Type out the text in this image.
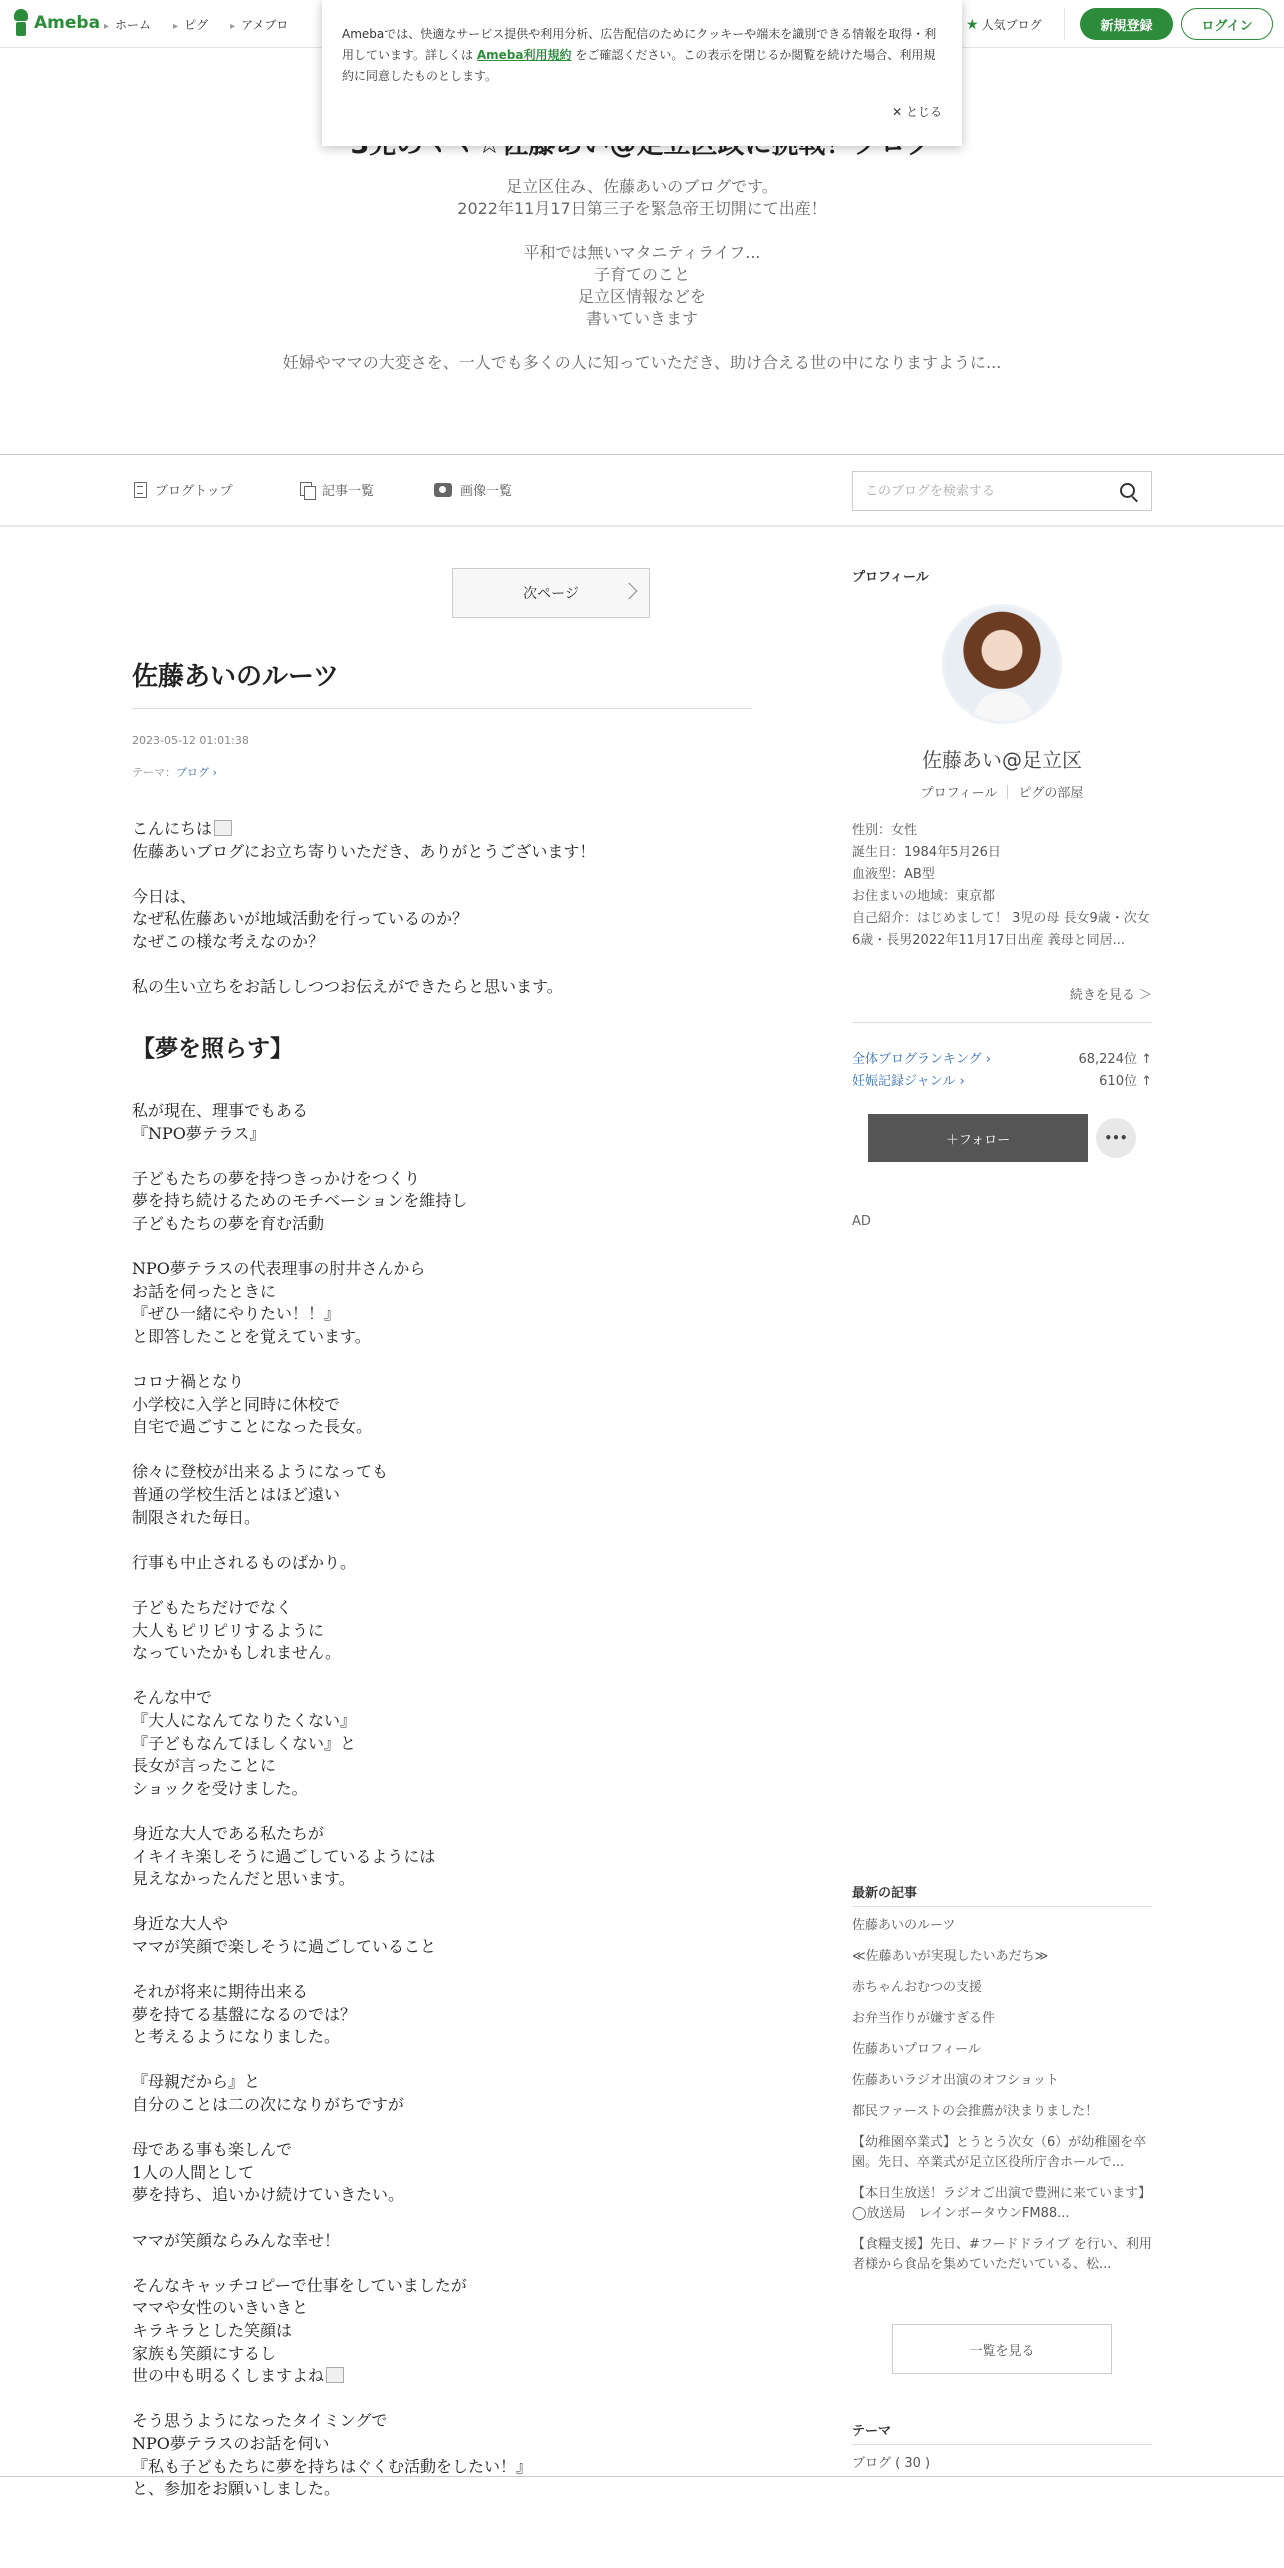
Ameba	▸ ホーム	▸ ピグ	▸ アメブロ	★ 人気ブログ	新規登録	ログイン
Amebaでは、快適なサービス提供や利用分析、広告配信のためにクッキーや端末を識別できる情報を取得・利用しています。詳しくは Ameba利用規約 をご確認ください。この表示を閉じるか閲覧を続けた場合、利用規約に同意したものとします。
✕ とじる

足立区住み、佐藤あいのブログです。

2022年11月17日第三子を緊急帝王切開にて出産！

平和では無いマタニティライフ...

子育てのこと

足立区情報などを

書いていきます

妊婦やママの大変さを、一人でも多くの人に知っていただき、助け合える世の中になりますように...

ブログトップ	記事一覧	画像一覧
このブログを検索する
次ページ
佐藤あいのルーツ
2023-05-12 01:01:38
テーマ：ブログ ›
こんにちは
佐藤あいブログにお立ち寄りいただき、ありがとうございます！
今日は、
なぜ私佐藤あいが地域活動を行っているのか？
なぜこの様な考えなのか？
私の生い立ちをお話ししつつお伝えができたらと思います。
【夢を照らす】
私が現在、理事でもある
『NPO夢テラス』
子どもたちの夢を持つきっかけをつくり
夢を持ち続けるためのモチベーションを維持し
子どもたちの夢を育む活動
NPO夢テラスの代表理事の肘井さんから
お話を伺ったときに
『ぜひ一緒にやりたい！！』
と即答したことを覚えています。
コロナ禍となり
小学校に入学と同時に休校で
自宅で過ごすことになった長女。
徐々に登校が出来るようになっても
普通の学校生活とはほど遠い
制限された毎日。
行事も中止されるものばかり。
子どもたちだけでなく
大人もピリピリするように
なっていたかもしれません。
そんな中で
『大人になんてなりたくない』
『子どもなんてほしくない』と
長女が言ったことに
ショックを受けました。
身近な大人である私たちが
イキイキ楽しそうに過ごしているようには
見えなかったんだと思います。
身近な大人や
ママが笑顔で楽しそうに過ごしていること
それが将来に期待出来る
夢を持てる基盤になるのでは？
と考えるようになりました。
『母親だから』と
自分のことは二の次になりがちですが
母である事も楽しんで
1人の人間として
夢を持ち、追いかけ続けていきたい。
ママが笑顔ならみんな幸せ！
そんなキャッチコピーで仕事をしていましたが
ママや女性のいきいきと
キラキラとした笑顔は
家族も笑顔にするし
世の中も明るくしますよね
そう思うようになったタイミングで
NPO夢テラスのお話を伺い
『私も子どもたちに夢を持ちはぐくむ活動をしたい！』
と、参加をお願いしました。
プロフィール
佐藤あい@足立区
プロフィール ピグの部屋
性別：女性
誕生日：1984年5月26日
血液型：AB型
お住まいの地域：東京都
自己紹介：はじめまして！ 3児の母 長女9歳・次女6歳・長男2022年11月17日出産 義母と同居...
続きを見る ＞
全体ブログランキング ›	68,224位 ↑
妊娠記録ジャンル ›	610位 ↑
＋フォロー	•••
AD
最新の記事
佐藤あいのルーツ
≪佐藤あいが実現したいあだち≫
赤ちゃんおむつの支援
お弁当作りが嫌すぎる件
佐藤あいプロフィール
佐藤あいラジオ出演のオフショット
都民ファーストの会推薦が決まりました！
【幼稚園卒業式】とうとう次女（6）が幼稚園を卒園。先日、卒業式が足立区役所庁舎ホールで...
【本日生放送！ラジオご出演で豊洲に来ています】◯放送局　レインボータウンFM88...
【食糧支援】先日、#フードドライブ を行い、利用者様から食品を集めていただいている、松...
一覧を見る
テーマ
ブログ ( 30 )
